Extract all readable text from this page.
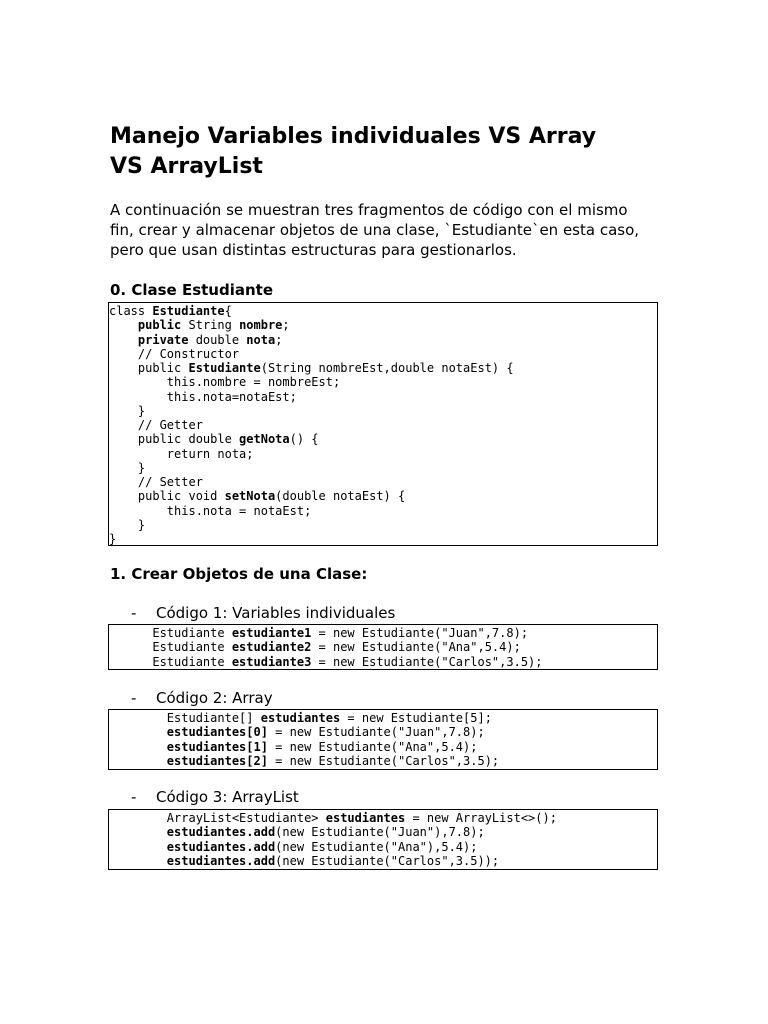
Manejo Variables individuales VS Array
VS ArrayList
A continuación se muestran tres fragmentos de código con el mismo
fin, crear y almacenar objetos de una clase, `Estudiante`en esta caso,
pero que usan distintas estructuras para gestionarlos.
0. Clase Estudiante
class Estudiante{
public String nombre;
private double nota;
// Constructor
public Estudiante(String nombreEst,double notaEst) {
this.nombre = nombreEst;
this.nota=notaEst;
}
// Getter
public double getNota() {
return nota;
}
// Setter
public void setNota(double notaEst) {
this.nota = notaEst;
}
}
1. Crear Objetos de una Clase:
- Código 1: Variables individuales
Estudiante estudiante1 = new Estudiante("Juan",7.8);
Estudiante estudiante2 = new Estudiante("Ana",5.4);
Estudiante estudiante3 = new Estudiante("Carlos",3.5);
- Código 2: Array
Estudiante[] estudiantes = new Estudiante[5];
estudiantes[0] = new Estudiante("Juan",7.8);
estudiantes[1] = new Estudiante("Ana",5.4);
estudiantes[2] = new Estudiante("Carlos",3.5);
- Código 3: ArrayList
ArrayList<Estudiante> estudiantes = new ArrayList<>();
estudiantes.add(new Estudiante("Juan"),7.8);
estudiantes.add(new Estudiante("Ana"),5.4);
estudiantes.add(new Estudiante("Carlos",3.5));
